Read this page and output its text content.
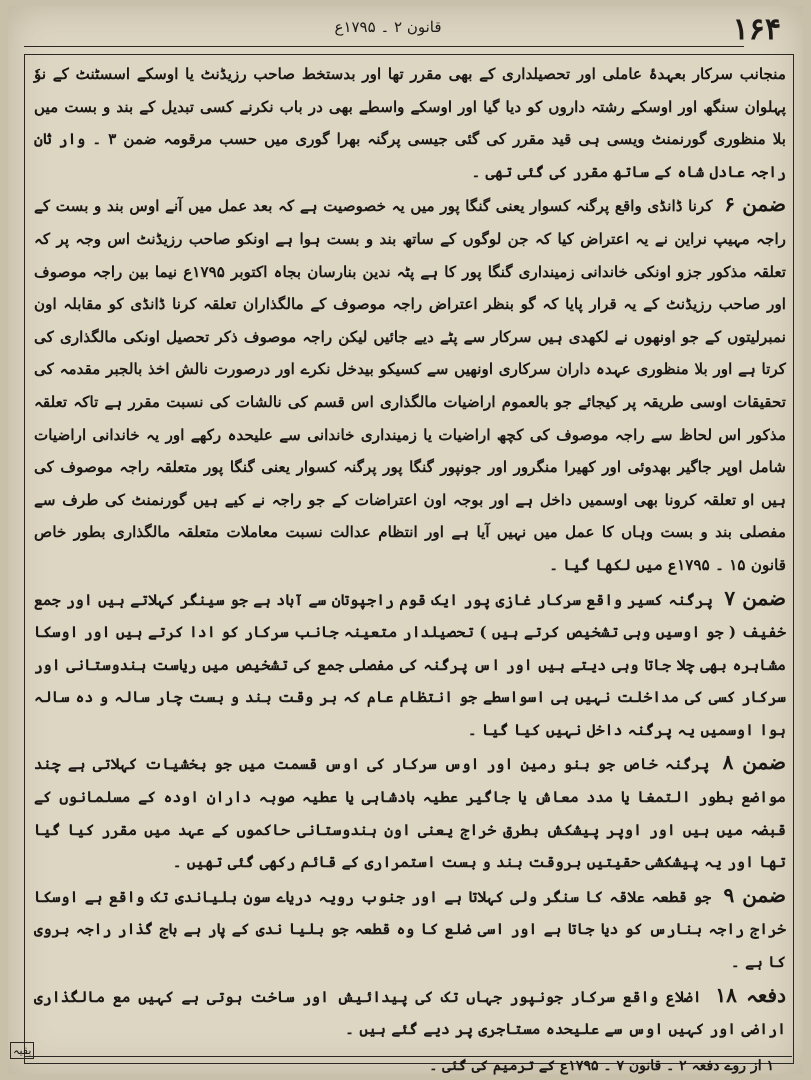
۱۶۴
قانون ۲ ۔ ۱۷۹۵ع

منجانب سرکار بعہدۂ عاملی اور تحصیلداری کے بھی مقرر تھا اور بدستخط صاحب رزیڈنٹ یا اوسکے اسسٹنٹ کے نوٗ پہلوان سنگھ اور اوسکے رشتہ داروں کو دیا گیا اور اوسکے واسطے بھی در باب نکرنے کسی تبدیل کے بند و بست میں بلا منظوری گورنمنٹ ویسی ہی قید مقرر کی گئی جیسی پرگنہ بھرا گوری میں حسب مرقومہ ضمن ۳ ۔ وار ثان راجہ عادل شاہ کے ساتھ مقرر کی گئی تھی ۔

ضمن ۶ کرنا ڈانڈی واقع پرگنہ کسوار یعنی گنگا پور میں یہ خصوصیت ہے کہ بعد عمل میں آنے اوس بند و بست کے راجہ مہیپ نراین نے یہ اعتراض کیا کہ جن لوگوں کے ساتھ بند و بست ہوا ہے اونکو صاحب رزیڈنٹ اس وجہ پر کہ تعلقہ مذکور جزو اونکی خاندانی زمینداری گنگا پور کا ہے پٹہ ندین بنارسان بجاہ اکتوبر ۱۷۹۵ع نیما بین راجہ موصوف اور صاحب رزیڈنٹ کے یہ قرار پایا کہ گو بنظر اعتراض راجہ موصوف کے مالگذاران تعلقہ کرنا ڈانڈی کو مقابلہ اون نمبرلیتوں کے جو اونھوں نے لکھدی ہیں سرکار سے پٹے دیے جائیں لیکن راجہ موصوف ذکر تحصیل اونکی مالگذاری کی کرتا ہے اور بلا منظوری عہدہ داران سرکاری اونھیں سے کسیکو بیدخل نکرے اور درصورت نالش اخذ بالجبر مقدمہ کی تحقیقات اوسی طریقہ پر کیجائے جو بالعموم اراضیات مالگذاری اس قسم کی نالشات کی نسبت مقرر ہے تاکہ تعلقہ مذکور اس لحاظ سے راجہ موصوف کی کچھ اراضیات یا زمینداری خاندانی سے علیحدہ رکھے اور یہ خاندانی اراضیات شامل اوپر جاگیر بھدوئی اور کھیرا منگرور اور جونپور گنگا پور پرگنہ کسوار یعنی گنگا پور متعلقہ راجہ موصوف کی ہیں او تعلقہ کرونا بھی اوسمیں داخل ہے اور بوجہ اون اعتراضات کے جو راجہ نے کیے ہیں گورنمنٹ کی طرف سے مفصلی بند و بست وہاں کا عمل میں نہیں آیا ہے اور انتظام عدالت نسبت معاملات متعلقہ مالگذاری بطور خاص قانون ۱۵ ۔ ۱۷۹۵ع میں لکھا گیا ۔

ضمن ۷ پرگنہ کسیر واقع سرکار غازی پور ایک قوم راجپوتان سے آباد ہے جو سینگر کہلاتے ہیں اور جمع خفیف ( جو اوسیں وہی تشخیص کرتے ہیں ) تحصیلدار متعینہ جانب سرکار کو ادا کرتے ہیں اور اوسکا مشاہرہ بھی چلا جاتا وہی دیتے ہیں اور اس پرگنہ کی مفصلی جمع کی تشخیص میں ریاست ہندوستانی اور سرکار کسی کی مداخلت نہیں ہی اسواسطے جو انتظام عام کہ بر وقت بند و بست چار سالہ و دہ سالہ ہوا اوسمیں یہ پرگنہ داخل نہیں کیا گیا ۔

ضمن ۸ پرگنہ خاص جو بنو رمین اور اوس سرکار کی اوس قسمت میں جو بخشیات کہلاتی ہے چند مواضع بطور التمغا یا مدد معاش یا جاگیر عطیہ بادشاہی یا عطیہ صوبہ داران اودہ کے مسلمانوں کے قبضہ میں ہیں اور اوپر پیشکش بطرق خراج یعنی اون ہندوستانی حاکموں کے عہد میں مقرر کیا گیا تھا اور یہ پیشکشی حقیتیں بروقت بند و بست استمراری کے قائم رکھی گئی تھیں ۔

ضمن ۹ جو قطعہ علاقہ کا سنگر ولی کہلاتا ہے اور جنوب رویہ دریاے سون بلیاندی تک واقع ہے اوسکا خراج راجہ بنارس کو دیا جاتا ہے اور اسی ضلع کا وہ قطعہ جو بلیا ندی کے پار ہے باج گذار راجہ بروی کا ہے ۔

دفعہ ۱۸ اضلاع واقع سرکار جونپور جہاں تک کی پیدائیش اور ساخت ہوتی ہے کہیں مع مالگذاری اراضی اور کہیں اوس سے علیحدہ مستاجری پر دیے گئے ہیں ۔

۱ از روے دفعہ ۲ ۔ قانون ۷ ۔ ۱۷۹۵ع کے ترمیم کی گئی ۔
بقیہ
